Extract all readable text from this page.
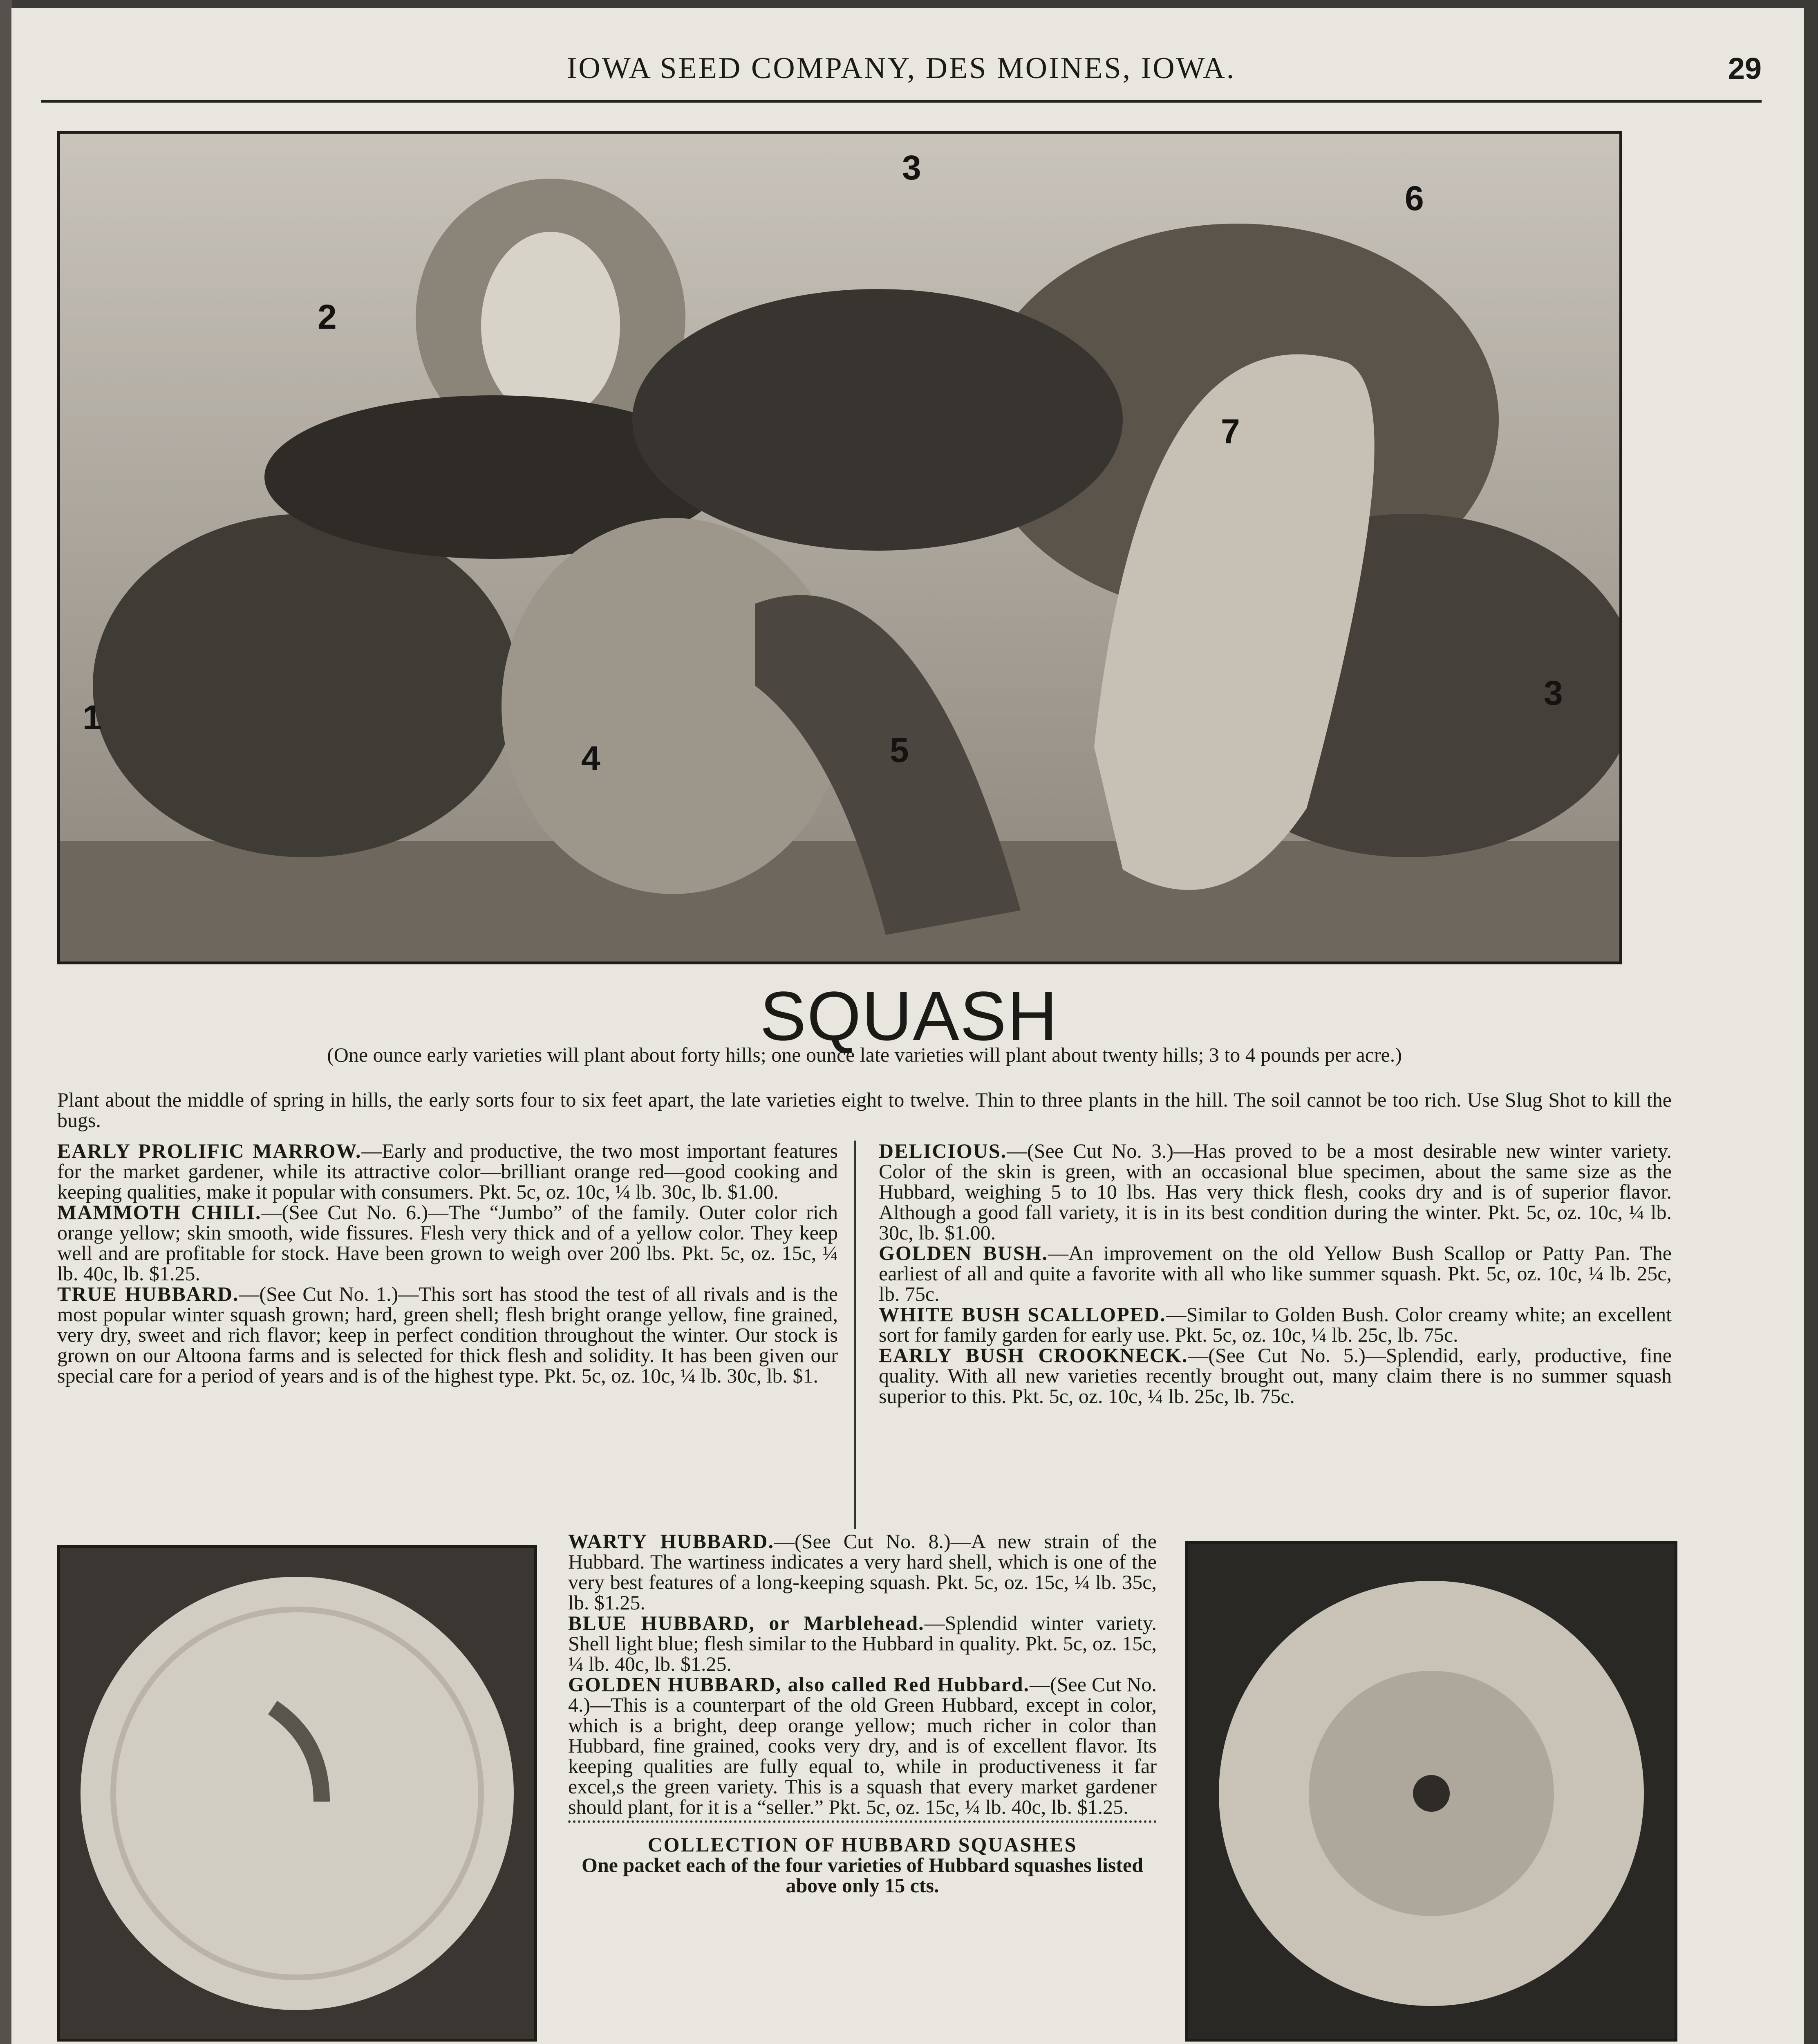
IOWA SEED COMPANY, DES MOINES, IOWA.	29
1
2
3
4	5
6
7
3
SQUASH
(One ounce early varieties will plant about forty hills; one ounce late varieties will plant about twenty hills; 3 to 4 pounds per acre.)
Plant about the middle of spring in hills, the early sorts four to six feet apart, the late varieties eight to twelve. Thin to three plants in the hill. The soil cannot be too rich. Use Slug Shot to kill the bugs.

EARLY PROLIFIC MARROW.—Early and productive, the two most important features for the market gardener, while its attractive color—brilliant orange red—good cooking and keeping qualities, make it popular with consumers. Pkt. 5c, oz. 10c, ¼ lb. 30c, lb. $1.00.

MAMMOTH CHILI.—(See Cut No. 6.)—The “Jumbo” of the family. Outer color rich orange yellow; skin smooth, wide fissures. Flesh very thick and of a yellow color. They keep well and are profitable for stock. Have been grown to weigh over 200 lbs. Pkt. 5c, oz. 15c, ¼ lb. 40c, lb. $1.25.

TRUE HUBBARD.—(See Cut No. 1.)—This sort has stood the test of all rivals and is the most popular winter squash grown; hard, green shell; flesh bright orange yellow, fine grained, very dry, sweet and rich flavor; keep in perfect condition throughout the winter. Our stock is grown on our Altoona farms and is selected for thick flesh and solidity. It has been given our special care for a period of years and is of the highest type. Pkt. 5c, oz. 10c, ¼ lb. 30c, lb. $1.

DELICIOUS.—(See Cut No. 3.)—Has proved to be a most desirable new winter variety. Color of the skin is green, with an occasional blue specimen, about the same size as the Hubbard, weighing 5 to 10 lbs. Has very thick flesh, cooks dry and is of superior flavor. Although a good fall variety, it is in its best condition during the winter. Pkt. 5c, oz. 10c, ¼ lb. 30c, lb. $1.00.

GOLDEN BUSH.—An improvement on the old Yellow Bush Scallop or Patty Pan. The earliest of all and quite a favorite with all who like summer squash. Pkt. 5c, oz. 10c, ¼ lb. 25c, lb. 75c.

WHITE BUSH SCALLOPED.—Similar to Golden Bush. Color creamy white; an excellent sort for family garden for early use. Pkt. 5c, oz. 10c, ¼ lb. 25c, lb. 75c.

EARLY BUSH CROOKNECK.—(See Cut No. 5.)—Splendid, early, productive, fine quality. With all new varieties recently brought out, many claim there is no summer squash superior to this. Pkt. 5c, oz. 10c, ¼ lb. 25c, lb. 75c.

WARTY HUBBARD.—(See Cut No. 8.)—A new strain of the Hubbard. The wartiness indicates a very hard shell, which is one of the very best features of a long-keeping squash. Pkt. 5c, oz. 15c, ¼ lb. 35c, lb. $1.25.

BLUE HUBBARD, or Marblehead.—Splendid winter variety. Shell light blue; flesh similar to the Hubbard in quality. Pkt. 5c, oz. 15c, ¼ lb. 40c, lb. $1.25.

GOLDEN HUBBARD, also called Red Hubbard.—(See Cut No. 4.)—This is a counterpart of the old Green Hubbard, except in color, which is a bright, deep orange yellow; much richer in color than Hubbard, fine grained, cooks very dry, and is of excellent flavor. Its keeping qualities are fully equal to, while in productiveness it far excel,s the green variety. This is a squash that every market gardener should plant, for it is a “seller.” Pkt. 5c, oz. 15c, ¼ lb. 40c, lb. $1.25.

COLLECTION OF HUBBARD SQUASHES
One packet each of the four varieties of Hubbard squashes listed above only 15 cts.
